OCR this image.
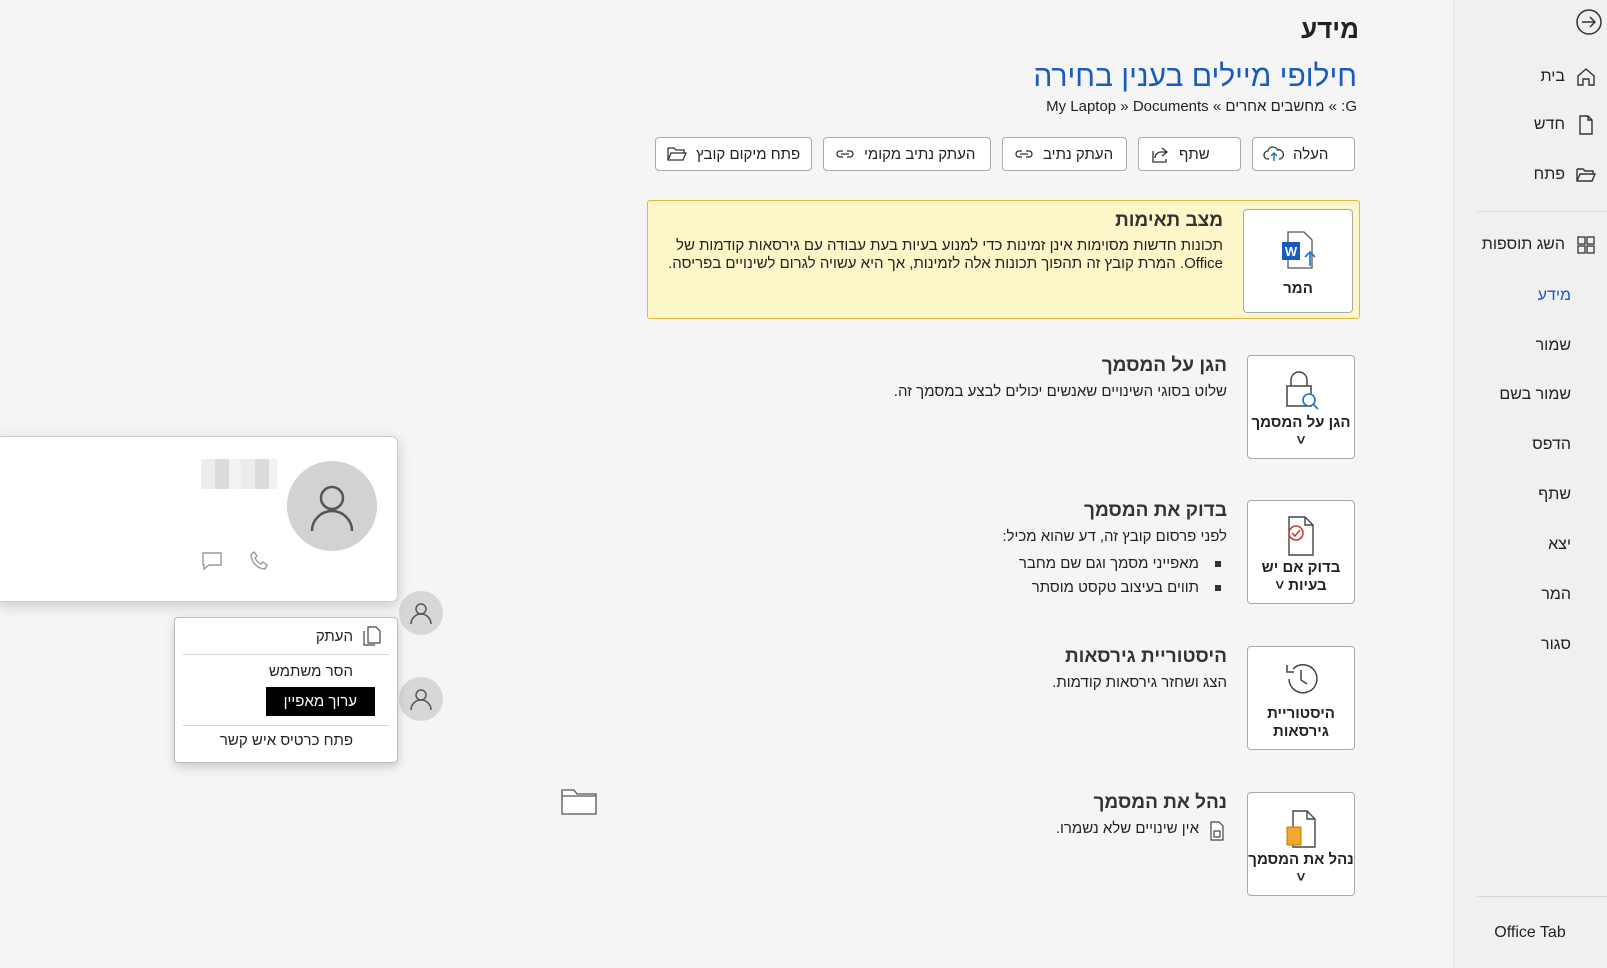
בית
חדש
פתח
השג תוספות
מידע
שמור
שמור בשם
הדפס
שתף
יצא
המר
סגור
Office Tab
מידע
חילופי מיילים בענין בחירה
G: » מחשבים אחרים » My Laptop » Documents
העלה
שתף
העתק נתיב
העתק נתיב מקומי
פתח מיקום קובץ
W
המר
מצב תאימות
תכונות חדשות מסוימות אינן זמינות כדי למנוע בעיות בעת עבודה עם גירסאות קודמות של Office. המרת קובץ זה תהפוך תכונות אלה לזמינות, אך היא עשויה לגרום לשינויים בפריסה.
הגן על המסמך ˅
הגן על המסמך
שלוט בסוגי השינויים שאנשים יכולים לבצע במסמך זה.
בדוק אם יש בעיות ˅
בדוק את המסמך
לפני פרסום קובץ זה, דע שהוא מכיל:
מאפייני מסמך וגם שם מחבר
תווים בעיצוב טקסט מוסתר
היסטוריית גירסאות
היסטוריית גירסאות
הצג ושחזר גירסאות קודמות.
נהל את המסמך ˅
נהל את המסמך
אין שינויים שלא נשמרו.
העתק
הסר משתמש
ערוך מאפיין
פתח כרטיס איש קשר
